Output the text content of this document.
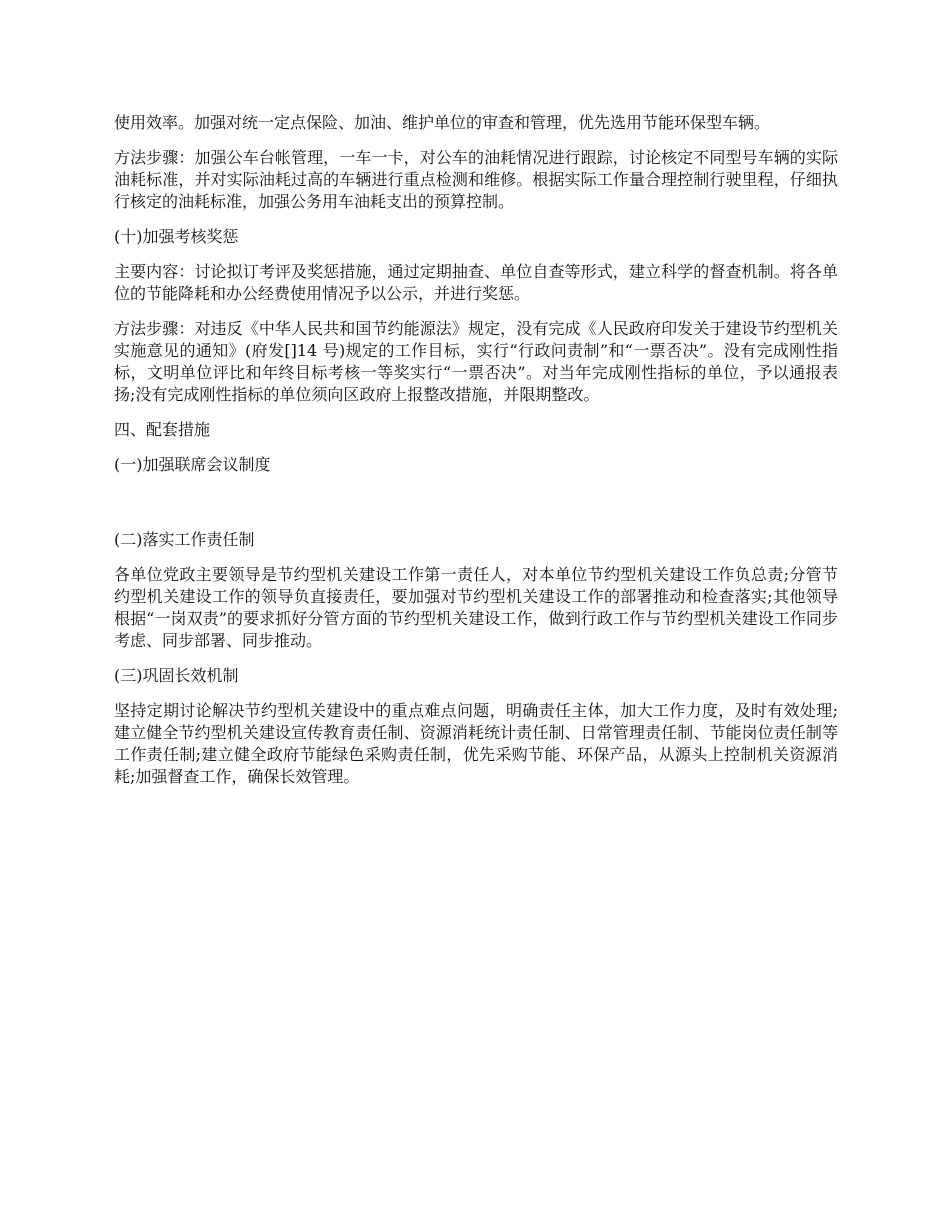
使用效率。加强对统一定点保险、加油、维护单位的审查和管理，优先选用节能环保型车辆。

方法步骤：加强公车台帐管理，一车一卡，对公车的油耗情况进行跟踪，讨论核定不同型号车辆的实际油耗标准，并对实际油耗过高的车辆进行重点检测和维修。根据实际工作量合理控制行驶里程，仔细执行核定的油耗标准，加强公务用车油耗支出的预算控制。

(十)加强考核奖惩

主要内容：讨论拟订考评及奖惩措施，通过定期抽查、单位自查等形式，建立科学的督查机制。将各单位的节能降耗和办公经费使用情况予以公示，并进行奖惩。

方法步骤：对违反《中华人民共和国节约能源法》规定，没有完成《人民政府印发关于建设节约型机关实施意见的通知》(府发[]14 号)规定的工作目标，实行“行政问责制”和“一票否决”。没有完成刚性指标，文明单位评比和年终目标考核一等奖实行“一票否决”。对当年完成刚性指标的单位，予以通报表扬;没有完成刚性指标的单位须向区政府上报整改措施，并限期整改。

四、配套措施

(一)加强联席会议制度

(二)落实工作责任制

各单位党政主要领导是节约型机关建设工作第一责任人，对本单位节约型机关建设工作负总责;分管节约型机关建设工作的领导负直接责任，要加强对节约型机关建设工作的部署推动和检查落实;其他领导根据“一岗双责”的要求抓好分管方面的节约型机关建设工作，做到行政工作与节约型机关建设工作同步考虑、同步部署、同步推动。

(三)巩固长效机制

坚持定期讨论解决节约型机关建设中的重点难点问题，明确责任主体，加大工作力度，及时有效处理;建立健全节约型机关建设宣传教育责任制、资源消耗统计责任制、日常管理责任制、节能岗位责任制等工作责任制;建立健全政府节能绿色采购责任制，优先采购节能、环保产品，从源头上控制机关资源消耗;加强督查工作，确保长效管理。
